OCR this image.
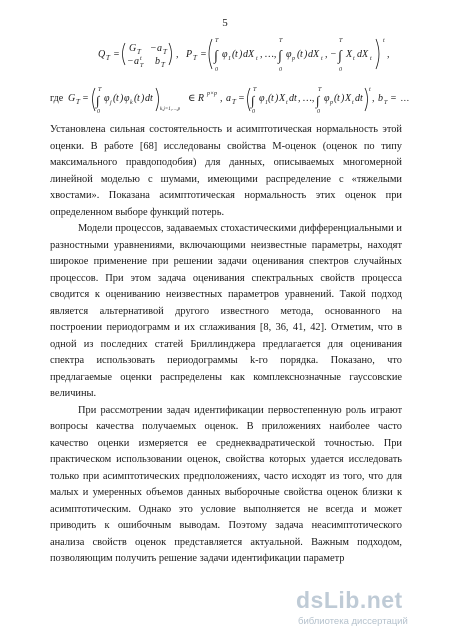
5
Q T =
G T − a T
− a t
T b T
, P T =
T
∫
0
φ 1 ( t ) dX t , …,
T
∫
0
φ p ( t ) dX t , −
T
∫
0
X t dX t
t
,
где G T =
T
∫
0
φ j ( t ) φ k ( t ) dt
k,j=1,…,p
∈ R p×p , a T =
T
∫
0
φ 1 ( t ) X t dt , …,
T
∫
0
φ p ( t ) X t dt
t
, b T = …

Установлена сильная состоятельность и асимптотическая нормальность этой оценки. В работе [68] исследованы свойства M-оценок (оценок по типу максимального правдоподобия) для данных, описываемых многомерной линейной моделью с шумами, имеющими распределение с «тяжелыми хвостами». Показана асимптотическая нормальность этих оценок при определенном выборе функций потерь.

Модели процессов, задаваемых стохастическими дифференциальными и разностными уравнениями, включающими неизвестные параметры, находят широкое применение при решении задачи оценивания спектров случайных процессов. При этом задача оценивания спектральных свойств процесса сводится к оцениванию неизвестных параметров уравнений. Такой подход является альтернативой другого известного метода, основанного на построении периодограмм и их сглаживания [8, 36, 41, 42]. Отметим, что в одной из последних статей Бриллинджера предлагается для оценивания спектра использовать периодограммы k-го порядка. Показано, что предлагаемые оценки распределены как комплекснозначные гауссовские величины.

При рассмотрении задач идентификации первостепенную роль играют вопросы качества получаемых оценок. В приложениях наиболее часто качество оценки измеряется ее среднеквадратической точностью. При практическом использовании оценок, свойства которых удается исследовать только при асимптотических предположениях, часто исходят из того, что для малых и умеренных объемов данных выборочные свойства оценок близки к асимптотическим. Однако это условие выполняется не всегда и может приводить к ошибочным выводам. Поэтому задача неасимптотического анализа свойств оценок представляется актуальной. Важным подходом, позволяющим получить решение задачи идентификации параметр

dsLib.net
библиотека диссертаций
